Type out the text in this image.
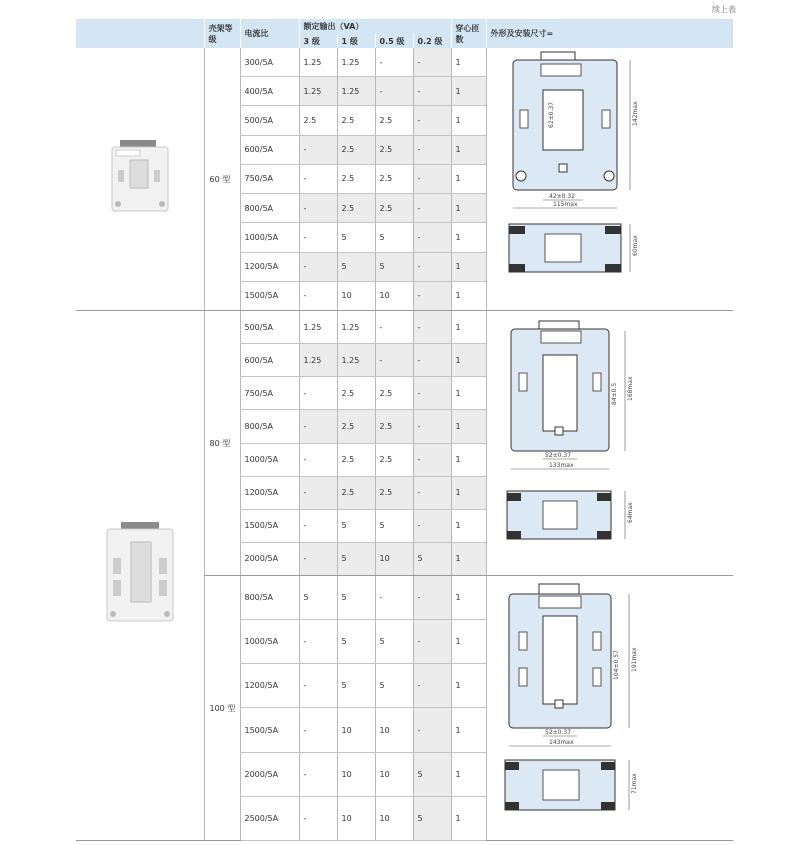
续上表
	壳架等级	电流比	额定输出（VA）				穿心匝数	外形及安装尺寸=
			3 级	1 级	0.5 级	0.2 级		
	60 型	300/5A	1.25	1.25	-	-	1	142max
62±0.37
42±0.32
115max
60max

		400/5A	1.25	1.25	-	-	1	
		500/5A	2.5	2.5	2.5	-	1	
		600/5A	-	2.5	2.5	-	1	
		750/5A	-	2.5	2.5	-	1	
		800/5A	-	2.5	2.5	-	1	
		1000/5A	-	5	5	-	1	
		1200/5A	-	5	5	-	1	
		1500/5A	-	10	10	-	1	
	80 型	500/5A	1.25	1.25	-	-	1	168max
84±0.5
52±0.37
133max
64max

		600/5A	1.25	1.25	-	-	1	
		750/5A	-	2.5	2.5	-	1	
		800/5A	-	2.5	2.5	-	1	
		1000/5A	-	2.5	2.5	-	1	
		1200/5A	-	2.5	2.5	-	1	
		1500/5A	-	5	5	-	1	
		2000/5A	-	5	10	5	1	
	100 型	800/5A	5	5	-	-	1	191max
104±0.57
52±0.37
143max
71max

		1000/5A	-	5	5	-	1	
		1200/5A	-	5	5	-	1	
		1500/5A	-	10	10	-	1	
		2000/5A	-	10	10	5	1	
		2500/5A	-	10	10	5	1	
